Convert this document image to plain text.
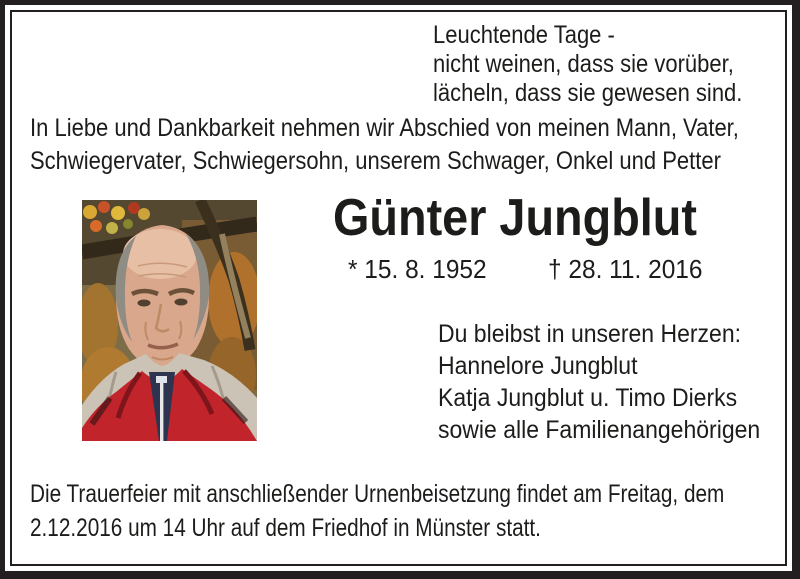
Leuchtende Tage -
nicht weinen, dass sie vorüber,
lächeln, dass sie gewesen sind.
In Liebe und Dankbarkeit nehmen wir Abschied von meinen Mann, Vater,
Schwiegervater, Schwiegersohn, unserem Schwager, Onkel und Petter
Günter Jungblut
* 15. 8. 1952 † 28. 11. 2016
Du bleibst in unseren Herzen:
Hannelore Jungblut
Katja Jungblut u. Timo Dierks
sowie alle Familienangehörigen
Die Trauerfeier mit anschließender Urnenbeisetzung findet am Freitag, dem
2.12.2016 um 14 Uhr auf dem Friedhof in Münster statt.
